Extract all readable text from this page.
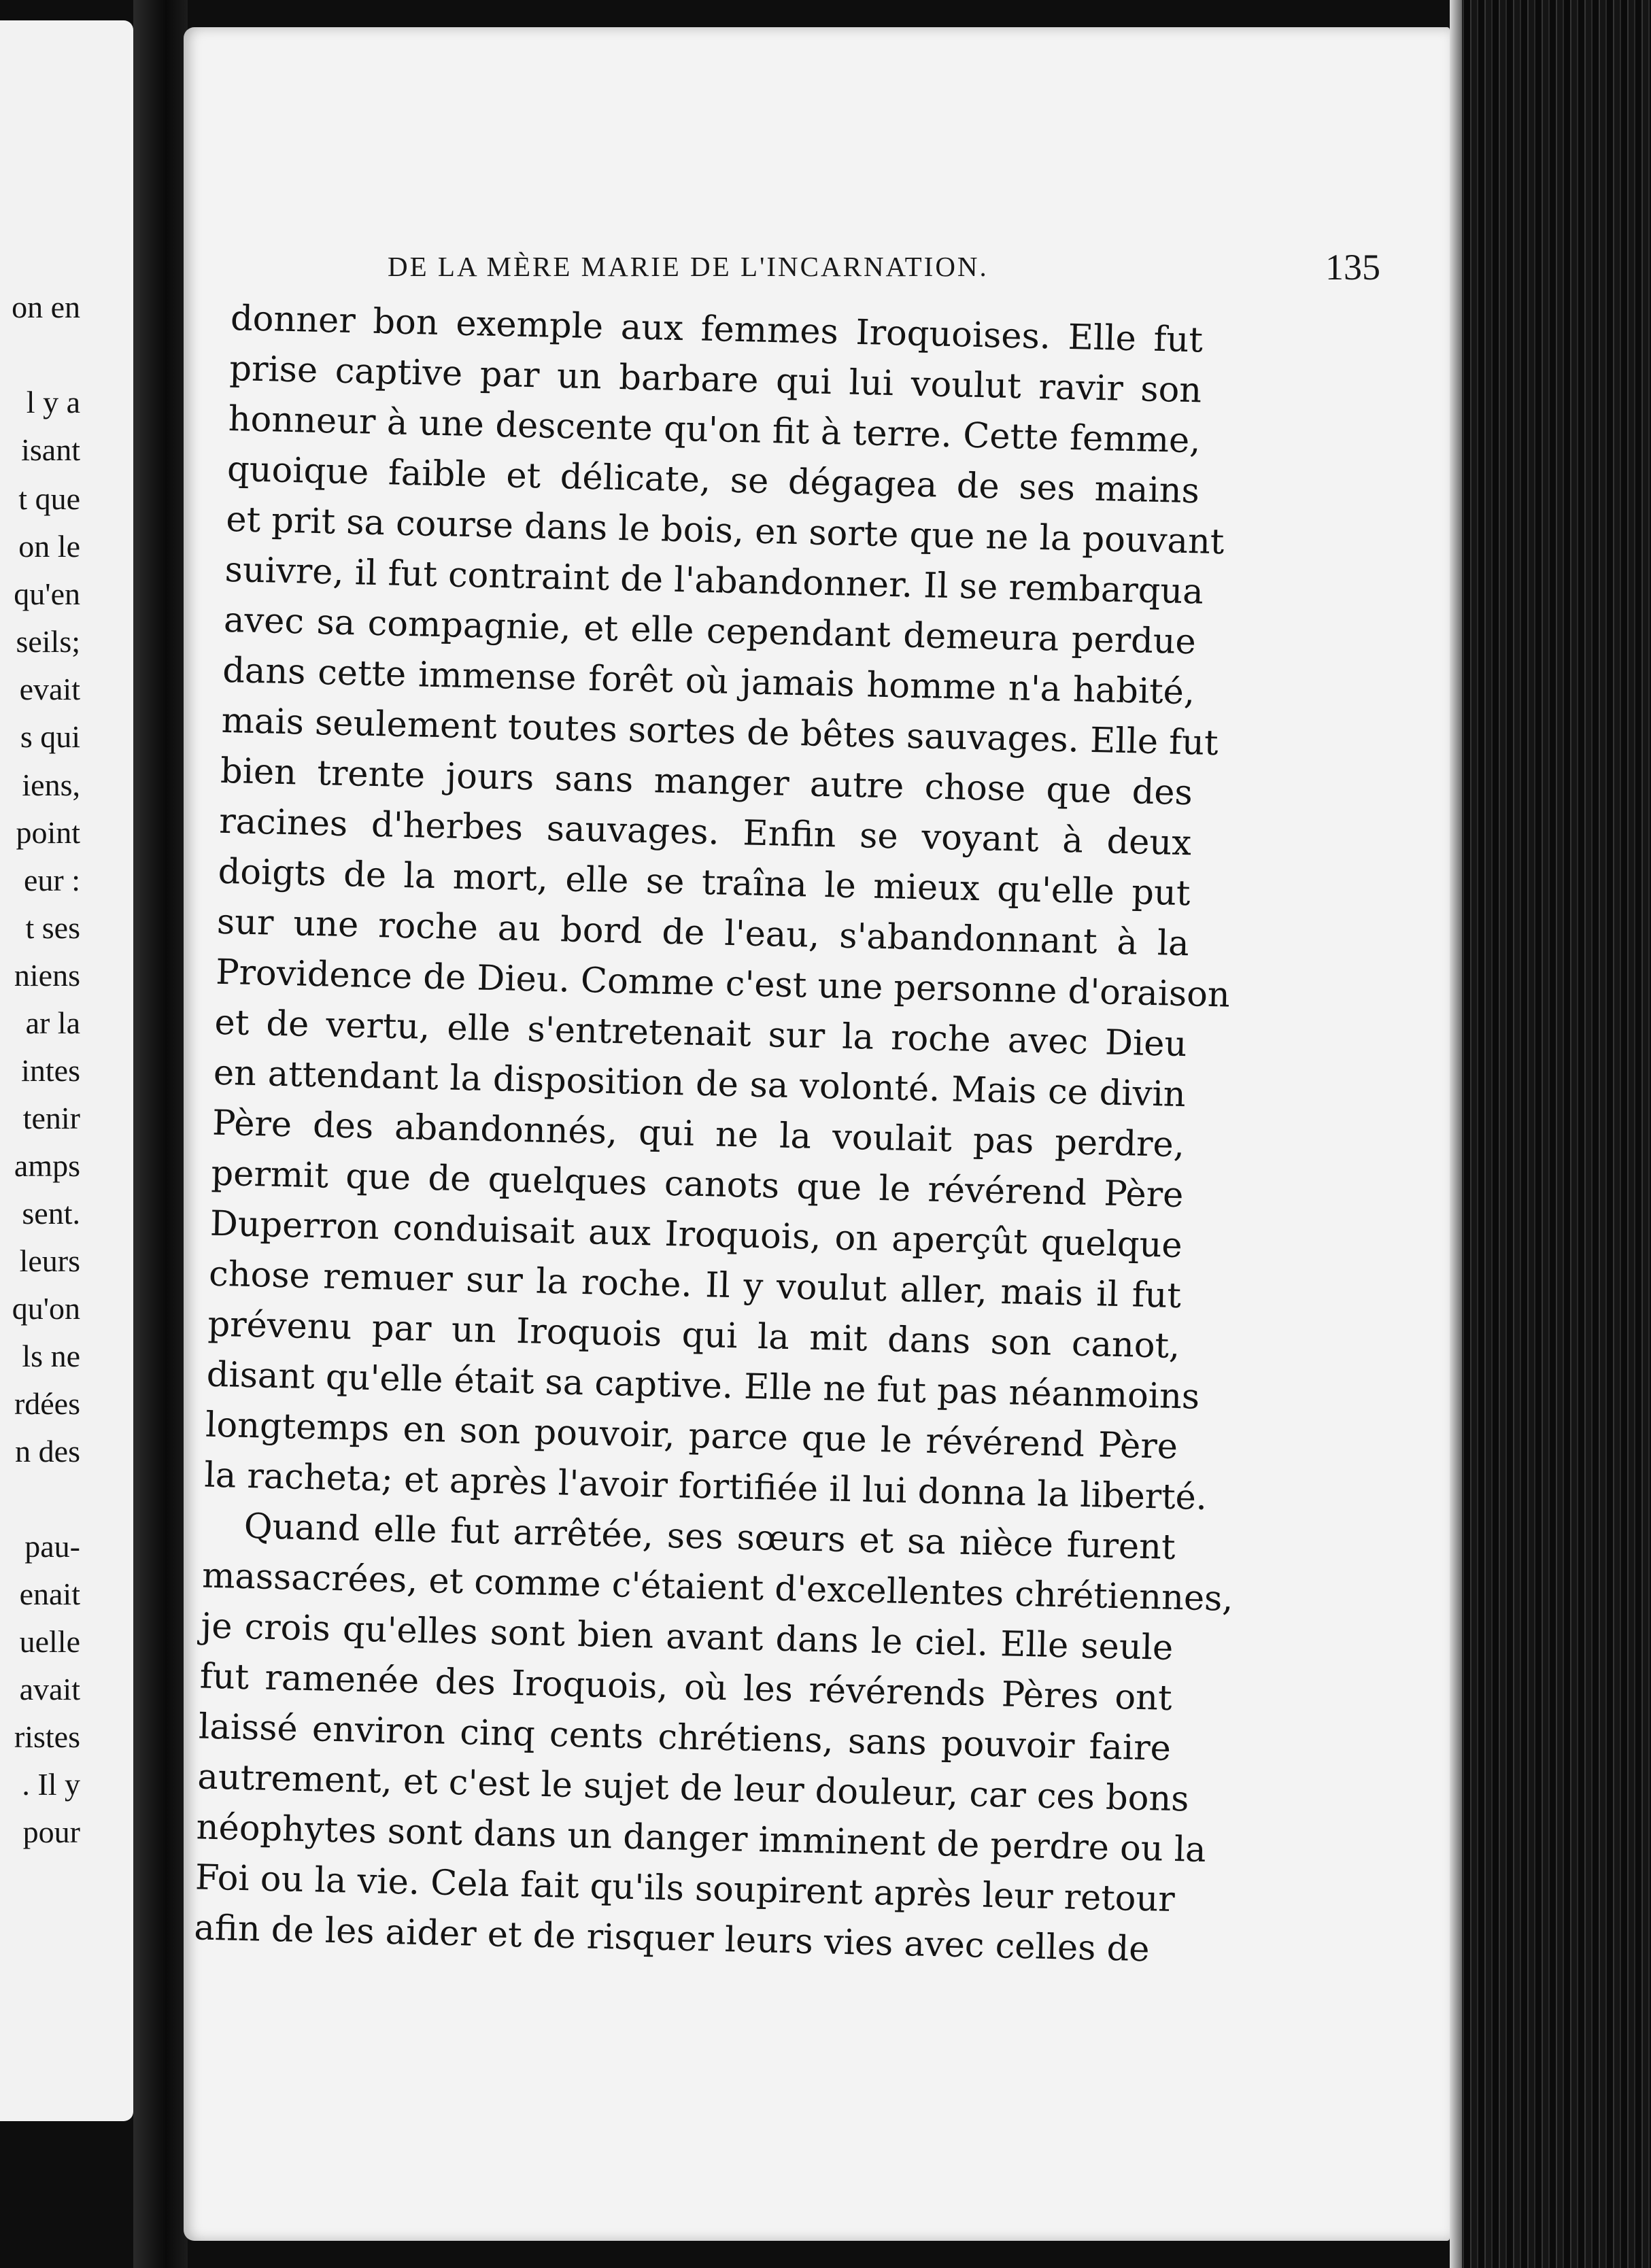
on en
l y a
isant
t que
on le
qu'en
seils;
evait
s qui
iens,
point
eur :
t ses
niens
ar la
intes
tenir
amps
sent.
leurs
qu'on
ls ne
rdées
n des
pau-
enait
uelle
avait
ristes
. Il y
pour
DE LA MÈRE MARIE DE L'INCARNATION.	135
donner bon exemple aux femmes Iroquoises. Elle fut
prise captive par un barbare qui lui voulut ravir son
honneur à une descente qu'on fit à terre. Cette femme,
quoique faible et délicate, se dégagea de ses mains
et prit sa course dans le bois, en sorte que ne la pouvant
suivre, il fut contraint de l'abandonner. Il se rembarqua
avec sa compagnie, et elle cependant demeura perdue
dans cette immense forêt où jamais homme n'a habité,
mais seulement toutes sortes de bêtes sauvages. Elle fut
bien trente jours sans manger autre chose que des
racines d'herbes sauvages. Enfin se voyant à deux
doigts de la mort, elle se traîna le mieux qu'elle put
sur une roche au bord de l'eau, s'abandonnant à la
Providence de Dieu. Comme c'est une personne d'oraison
et de vertu, elle s'entretenait sur la roche avec Dieu
en attendant la disposition de sa volonté. Mais ce divin
Père des abandonnés, qui ne la voulait pas perdre,
permit que de quelques canots que le révérend Père
Duperron conduisait aux Iroquois, on aperçût quelque
chose remuer sur la roche. Il y voulut aller, mais il fut
prévenu par un Iroquois qui la mit dans son canot,
disant qu'elle était sa captive. Elle ne fut pas néanmoins
longtemps en son pouvoir, parce que le révérend Père
la racheta; et après l'avoir fortifiée il lui donna la liberté.
Quand elle fut arrêtée, ses sœurs et sa nièce furent
massacrées, et comme c'étaient d'excellentes chrétiennes,
je crois qu'elles sont bien avant dans le ciel. Elle seule
fut ramenée des Iroquois, où les révérends Pères ont
laissé environ cinq cents chrétiens, sans pouvoir faire
autrement, et c'est le sujet de leur douleur, car ces bons
néophytes sont dans un danger imminent de perdre ou la
Foi ou la vie. Cela fait qu'ils soupirent après leur retour
afin de les aider et de risquer leurs vies avec celles de
